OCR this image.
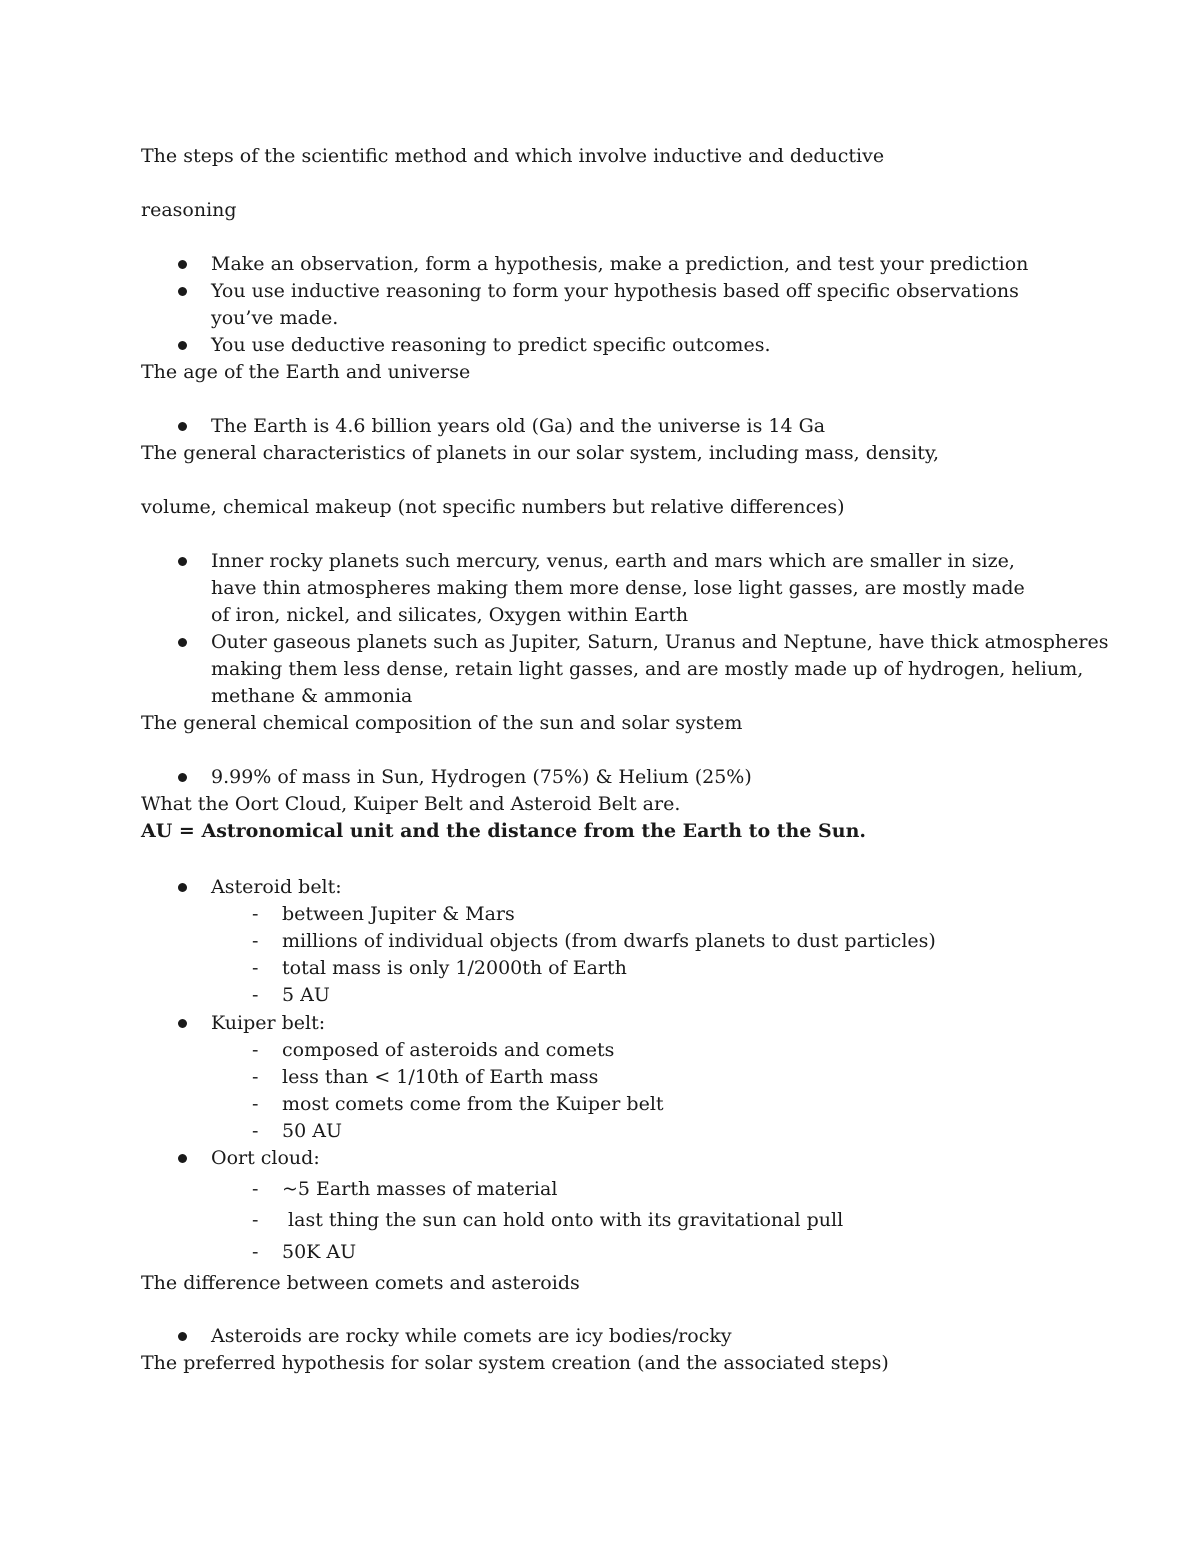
The steps of the scientific method and which involve inductive and deductive
reasoning
Make an observation, form a hypothesis, make a prediction, and test your prediction
You use inductive reasoning to form your hypothesis based off specific observations
you’ve made.
You use deductive reasoning to predict specific outcomes.
The age of the Earth and universe
The Earth is 4.6 billion years old (Ga) and the universe is 14 Ga
The general characteristics of planets in our solar system, including mass, density,
volume, chemical makeup (not specific numbers but relative differences)
Inner rocky planets such mercury, venus, earth and mars which are smaller in size,
have thin atmospheres making them more dense, lose light gasses, are mostly made
of iron, nickel, and silicates, Oxygen within Earth
Outer gaseous planets such as Jupiter, Saturn, Uranus and Neptune, have thick atmospheres
making them less dense, retain light gasses, and are mostly made up of hydrogen, helium,
methane & ammonia
The general chemical composition of the sun and solar system
9.99% of mass in Sun, Hydrogen (75%) & Helium (25%)
What the Oort Cloud, Kuiper Belt and Asteroid Belt are.
AU = Astronomical unit and the distance from the Earth to the Sun.
Asteroid belt:
- between Jupiter & Mars
- millions of individual objects (from dwarfs planets to dust particles)
- total mass is only 1/2000th of Earth
- 5 AU
Kuiper belt:
- composed of asteroids and comets
- less than < 1/10th of Earth mass
- most comets come from the Kuiper belt
- 50 AU
Oort cloud:
- ~5 Earth masses of material
- last thing the sun can hold onto with its gravitational pull
- 50K AU
The difference between comets and asteroids
Asteroids are rocky while comets are icy bodies/rocky
The preferred hypothesis for solar system creation (and the associated steps)
